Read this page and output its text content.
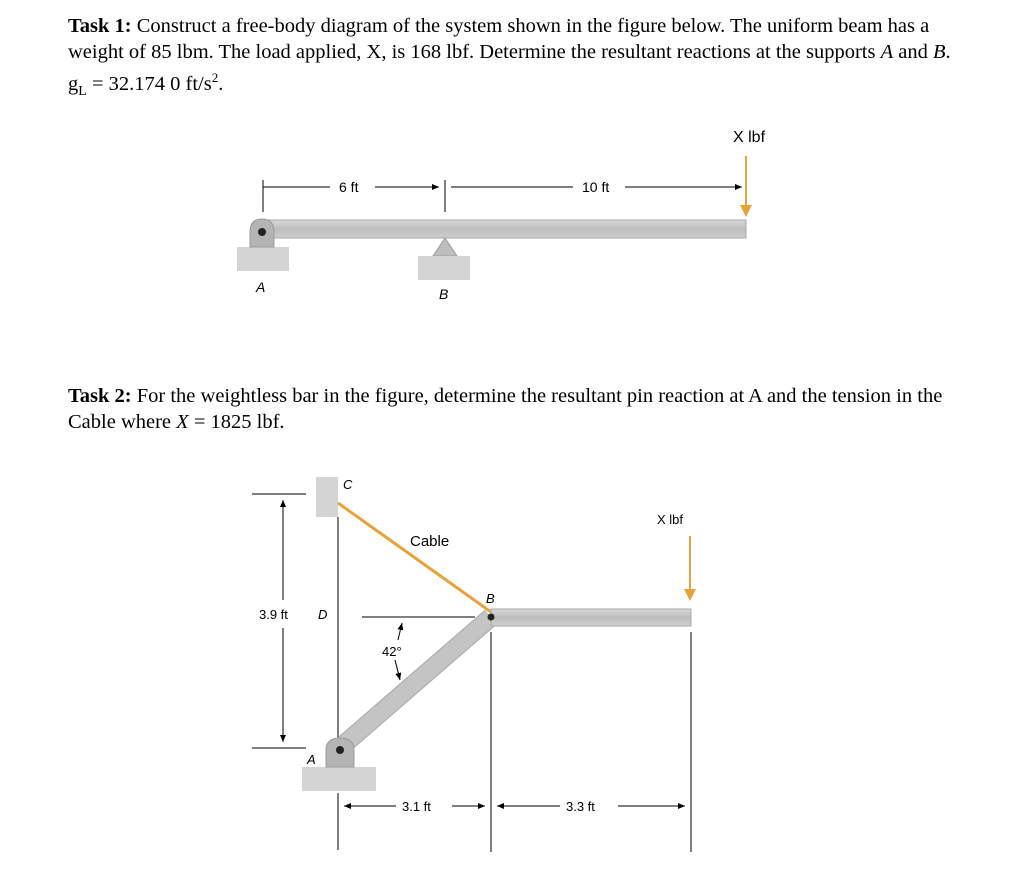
Task 1: Construct a free-body diagram of the system shown in the figure below. The uniform beam has a weight of 85 lbm. The load applied, X, is 168 lbf. Determine the resultant reactions at the supports A and B. $g_L = 32.174$ 0 $ft/s^2$.
Task 2: For the weightless bar in the figure, determine the resultant pin reaction at A and the tension in the Cable where X = 1825 lbf.
6 ft	10 ft
A	B
X lbf
C
3.9 ft D
Cable
B
42°
A
3.1 ft	3.3 ft
X lbf
